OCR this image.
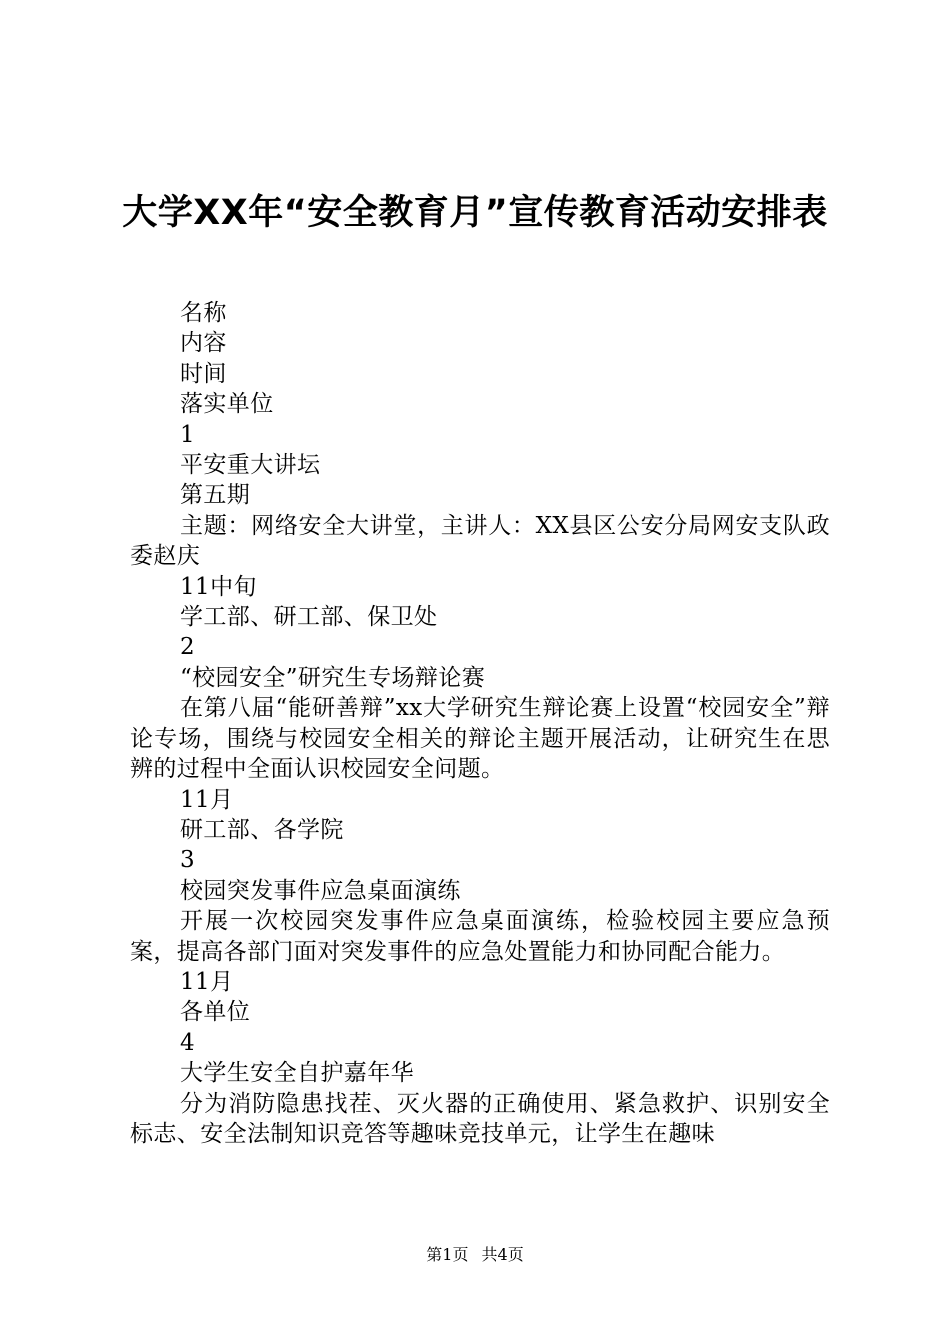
大学XX年“安全教育月”宣传教育活动安排表

名称

内容

时间

落实单位

1

平安重大讲坛

第五期

主题：网络安全大讲堂，主讲人：XX县区公安分局网安支队政委赵庆

11中旬

学工部、研工部、保卫处

2

“校园安全”研究生专场辩论赛

在第八届“能研善辩”xx大学研究生辩论赛上设置“校园安全”辩论专场，围绕与校园安全相关的辩论主题开展活动，让研究生在思辨的过程中全面认识校园安全问题。

11月

研工部、各学院

3

校园突发事件应急桌面演练

开展一次校园突发事件应急桌面演练，检验校园主要应急预案，提高各部门面对突发事件的应急处置能力和协同配合能力。

11月

各单位

4

大学生安全自护嘉年华

分为消防隐患找茬、灭火器的正确使用、紧急救护、识别安全标志、安全法制知识竞答等趣味竞技单元，让学生在趣味

第1页 共4页
